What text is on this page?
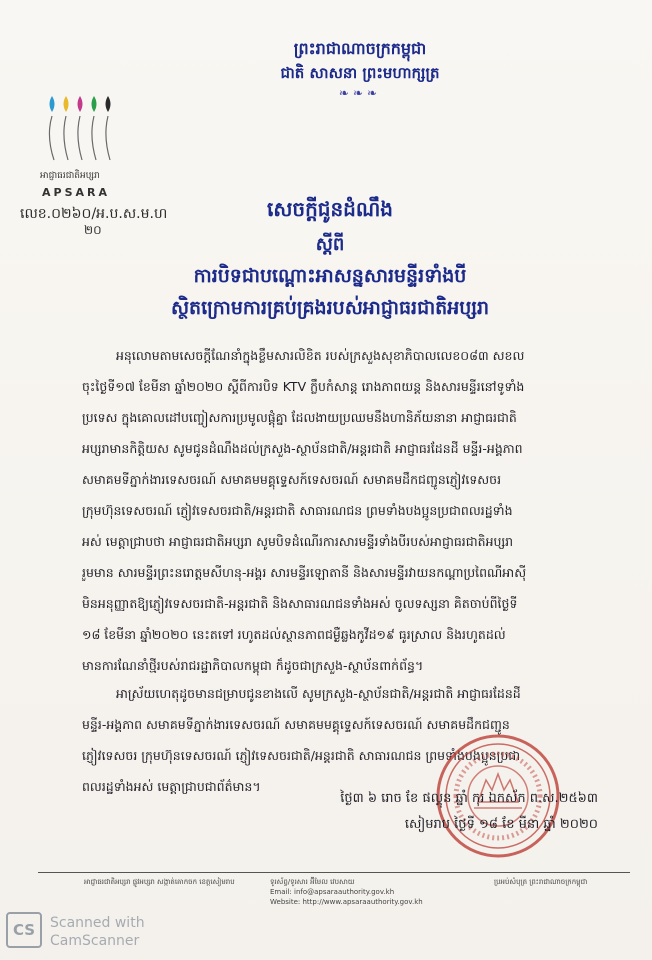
ព្រះរាជាណាចក្រកម្ពុជា
ជាតិ សាសនា ព្រះមហាក្សត្រ
❧❧❧
អាជ្ញាធរជាតិអប្សរា
APSARA
លេខ.០២៦០/អ.ប.ស.ម.ហ
២០
សេចក្តីជូនដំណឹង
ស្តីពី
ការបិទជាបណ្តោះអាសន្នសារមន្ទីរទាំងបី
ស្ថិតក្រោមការគ្រប់គ្រងរបស់អាជ្ញាធរជាតិអប្សរា
អនុលោមតាមសេចក្តីណែនាំក្នុងខ្លឹមសារលិខិត របស់ក្រសួងសុខាភិបាលលេខ០៨៣ សខល
ចុះថ្ងៃទី១៧ ខែមីនា ឆ្នាំ២០២០ ស្តីពីការបិទ KTV ក្លឹបកំសាន្ត រោងភាពយន្ត និងសារមន្ទីរនៅទូទាំង
ប្រទេស ក្នុងគោលដៅបញ្ចៀសការប្រមូលផ្តុំគ្នា ដែលងាយប្រឈមនឹងហានិភ័យនានា អាជ្ញាធរជាតិ
អប្សរាមានកិត្តិយស សូមជូនដំណឹងដល់ក្រសួង-ស្ថាប័នជាតិ/អន្តរជាតិ អាជ្ញាធរដែនដី មន្ទីរ-អង្គភាព
សមាគមទីភ្នាក់ងារទេសចរណ៍ សមាគមមគ្គុទ្ទេសក៍ទេសចរណ៍ សមាគមដឹកជញ្ជូនភ្ញៀវទេសចរ
ក្រុមហ៊ុនទេសចរណ៍ ភ្ញៀវទេសចរជាតិ/អន្តរជាតិ សាធារណជន ព្រមទាំងបងប្អូនប្រជាពលរដ្ឋទាំង
អស់ មេត្តាជ្រាបថា អាជ្ញាធរជាតិអប្សរា សូមបិទដំណើរការសារមន្ទីរទាំងបីរបស់អាជ្ញាធរជាតិអប្សរា
រួមមាន សារមន្ទីរព្រះនរោត្តមសីហនុ-អង្គរ សារមន្ទីរឡោតានី និងសារមន្ទីរវាយនកណ្តាប្រពៃណីអាស៊ី
មិនអនុញ្ញាតឱ្យភ្ញៀវទេសចរជាតិ-អន្តរជាតិ និងសាធារណជនទាំងអស់ ចូលទស្សនា គិតចាប់ពីថ្ងៃទី
១៨ ខែមីនា ឆ្នាំ២០២០ នេះតទៅ រហូតដល់ស្ថានភាពជម្ងឺឆ្លងកូវីដ១៩ ធូរស្រាល និងរហូតដល់
មានការណែនាំថ្មីរបស់រាជរដ្ឋាភិបាលកម្ពុជា ក៏ដូចជាក្រសួង-ស្ថាប័នពាក់ព័ន្ធ។
អាស្រ័យហេតុដូចមានជម្រាបជូនខាងលើ សូមក្រសួង-ស្ថាប័នជាតិ/អន្តរជាតិ អាជ្ញាធរដែនដី
មន្ទីរ-អង្គភាព សមាគមទីភ្នាក់ងារទេសចរណ៍ សមាគមមគ្គុទ្ទេសក៍ទេសចរណ៍ សមាគមដឹកជញ្ជូន
ភ្ញៀវទេសចរ ក្រុមហ៊ុនទេសចរណ៍ ភ្ញៀវទេសចរជាតិ/អន្តរជាតិ សាធារណជន ព្រមទាំងបងប្អូនប្រជា
ពលរដ្ឋទាំងអស់ មេត្តាជ្រាបជាព័ត៌មាន។
ថ្ងៃ៣ ៦ រោច ខែ ផល្គុន ឆ្នាំ កុរ ឯកស័ក ព.ស.២៥៦៣
សៀមរាប ថ្ងៃទី ១៨ ខែ មីនា ឆ្នាំ ២០២០
អាជ្ញាធរជាតិអប្សរា ផ្លូវអប្សរា សង្កាត់គោកចក ខេត្តសៀមរាប	ទូរស័ព្ទ/ទូរសារ អ៊ីមែល វេបសាយ
Email: info@apsaraauthority.gov.kh
Website: http://www.apsaraauthority.gov.kh
ប្រអប់សំបុត្រ ព្រះរាជាណាចក្រកម្ពុជា
CS	Scanned with
CamScanner
